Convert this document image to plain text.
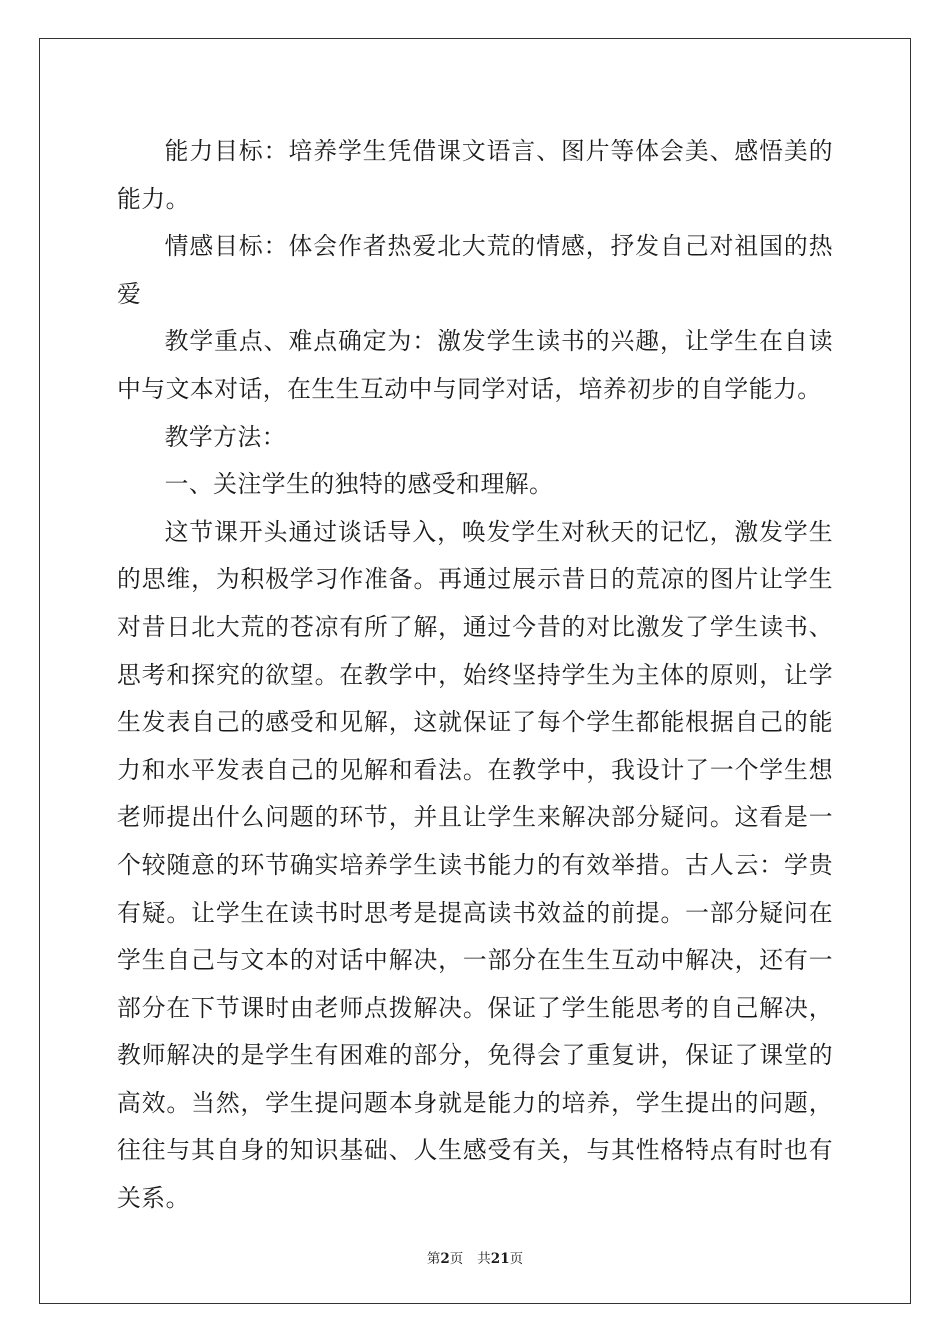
能力目标：培养学生凭借课文语言、图片等体会美、感悟美的能力。

情感目标：体会作者热爱北大荒的情感，抒发自己对祖国的热爱

教学重点、难点确定为：激发学生读书的兴趣，让学生在自读中与文本对话，在生生互动中与同学对话，培养初步的自学能力。

教学方法：

一、关注学生的独特的感受和理解。

这节课开头通过谈话导入，唤发学生对秋天的记忆，激发学生的思维，为积极学习作准备。再通过展示昔日的荒凉的图片让学生对昔日北大荒的苍凉有所了解，通过今昔的对比激发了学生读书、思考和探究的欲望。在教学中，始终坚持学生为主体的原则，让学生发表自己的感受和见解，这就保证了每个学生都能根据自己的能力和水平发表自己的见解和看法。在教学中，我设计了一个学生想老师提出什么问题的环节，并且让学生来解决部分疑问。这看是一个较随意的环节确实培养学生读书能力的有效举措。古人云：学贵有疑。让学生在读书时思考是提高读书效益的前提。一部分疑问在学生自己与文本的对话中解决，一部分在生生互动中解决，还有一部分在下节课时由老师点拨解决。保证了学生能思考的自己解决，教师解决的是学生有困难的部分，免得会了重复讲，保证了课堂的高效。当然，学生提问题本身就是能力的培养，学生提出的问题，往往与其自身的知识基础、人生感受有关，与其性格特点有时也有关系。

第2页 共21页
